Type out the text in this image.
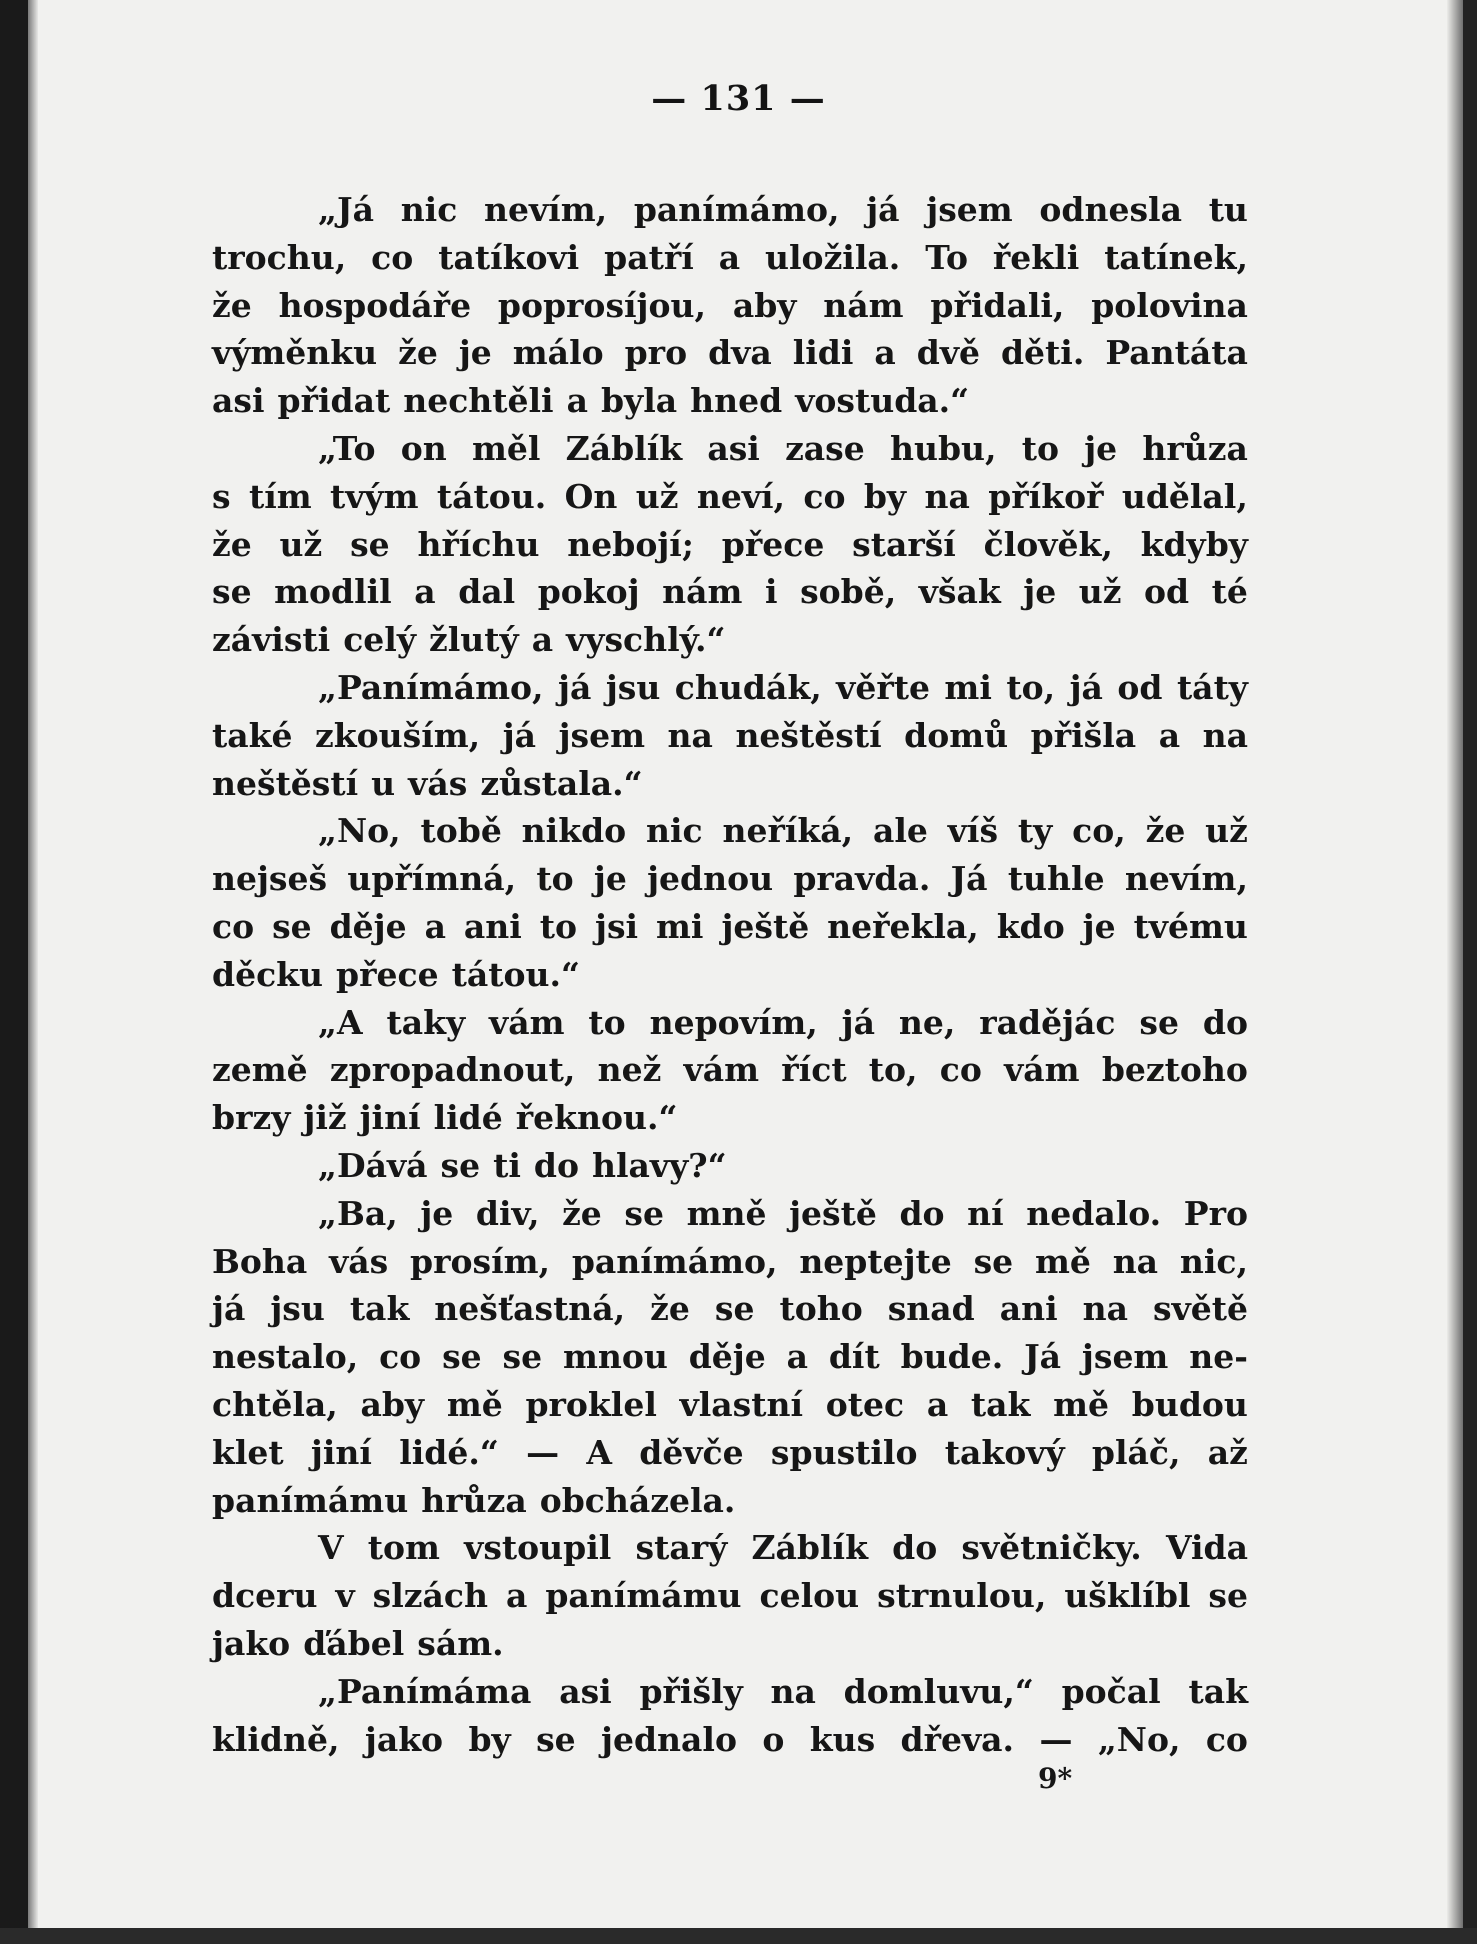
— 131 —
„Já nic nevím, panímámo, já jsem odnesla tu
trochu, co tatíkovi patří a uložila. To řekli tatínek,
že hospodáře poprosíjou, aby nám přidali, polovina
výměnku že je málo pro dva lidi a dvě děti. Pantáta
asi přidat nechtěli a byla hned vostuda.“
„To on měl Záblík asi zase hubu, to je hrůza
s tím tvým tátou. On už neví, co by na příkoř udělal,
že už se hříchu nebojí; přece starší člověk, kdyby
se modlil a dal pokoj nám i sobě, však je už od té
závisti celý žlutý a vyschlý.“
„Panímámo, já jsu chudák, věřte mi to, já od táty
také zkouším, já jsem na neštěstí domů přišla a na
neštěstí u vás zůstala.“
„No, tobě nikdo nic neříká, ale víš ty co, že už
nejseš upřímná, to je jednou pravda. Já tuhle nevím,
co se děje a ani to jsi mi ještě neřekla, kdo je tvému
děcku přece tátou.“
„A taky vám to nepovím, já ne, radějác se do
země zpropadnout, než vám říct to, co vám beztoho
brzy již jiní lidé řeknou.“
„Dává se ti do hlavy?“
„Ba, je div, že se mně ještě do ní nedalo. Pro
Boha vás prosím, panímámo, neptejte se mě na nic,
já jsu tak nešťastná, že se toho snad ani na světě
nestalo, co se se mnou děje a dít bude. Já jsem ne-
chtěla, aby mě proklel vlastní otec a tak mě budou
klet jiní lidé.“ — A děvče spustilo takový pláč, až
panímámu hrůza obcházela.
V tom vstoupil starý Záblík do světničky. Vida
dceru v slzách a panímámu celou strnulou, ušklíbl se
jako ďábel sám.
„Panímáma asi přišly na domluvu,“ počal tak
klidně, jako by se jednalo o kus dřeva. — „No, co
9*
